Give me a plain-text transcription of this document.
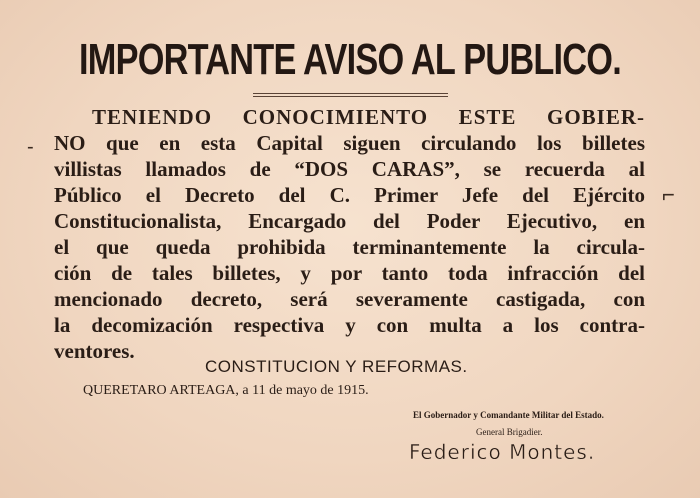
IMPORTANTE AVISO AL PUBLICO.
-
⌐
TENIENDO CONOCIMIENTO ESTE GOBIER-
NO que en esta Capital siguen circulando los billetes
villistas llamados de “DOS CARAS”, se recuerda al
Público el Decreto del C. Primer Jefe del Ejército
Constitucionalista, Encargado del Poder Ejecutivo, en
el que queda prohibida terminantemente la circula-
ción de tales billetes, y por tanto toda infracción del
mencionado decreto, será severamente castigada, con
la decomización respectiva y con multa a los contra-
ventores.
CONSTITUCION Y REFORMAS.
QUERETARO ARTEAGA, a 11 de mayo de 1915.
El Gobernador y Comandante Militar del Estado.
General Brigadier.
Federico Montes.
